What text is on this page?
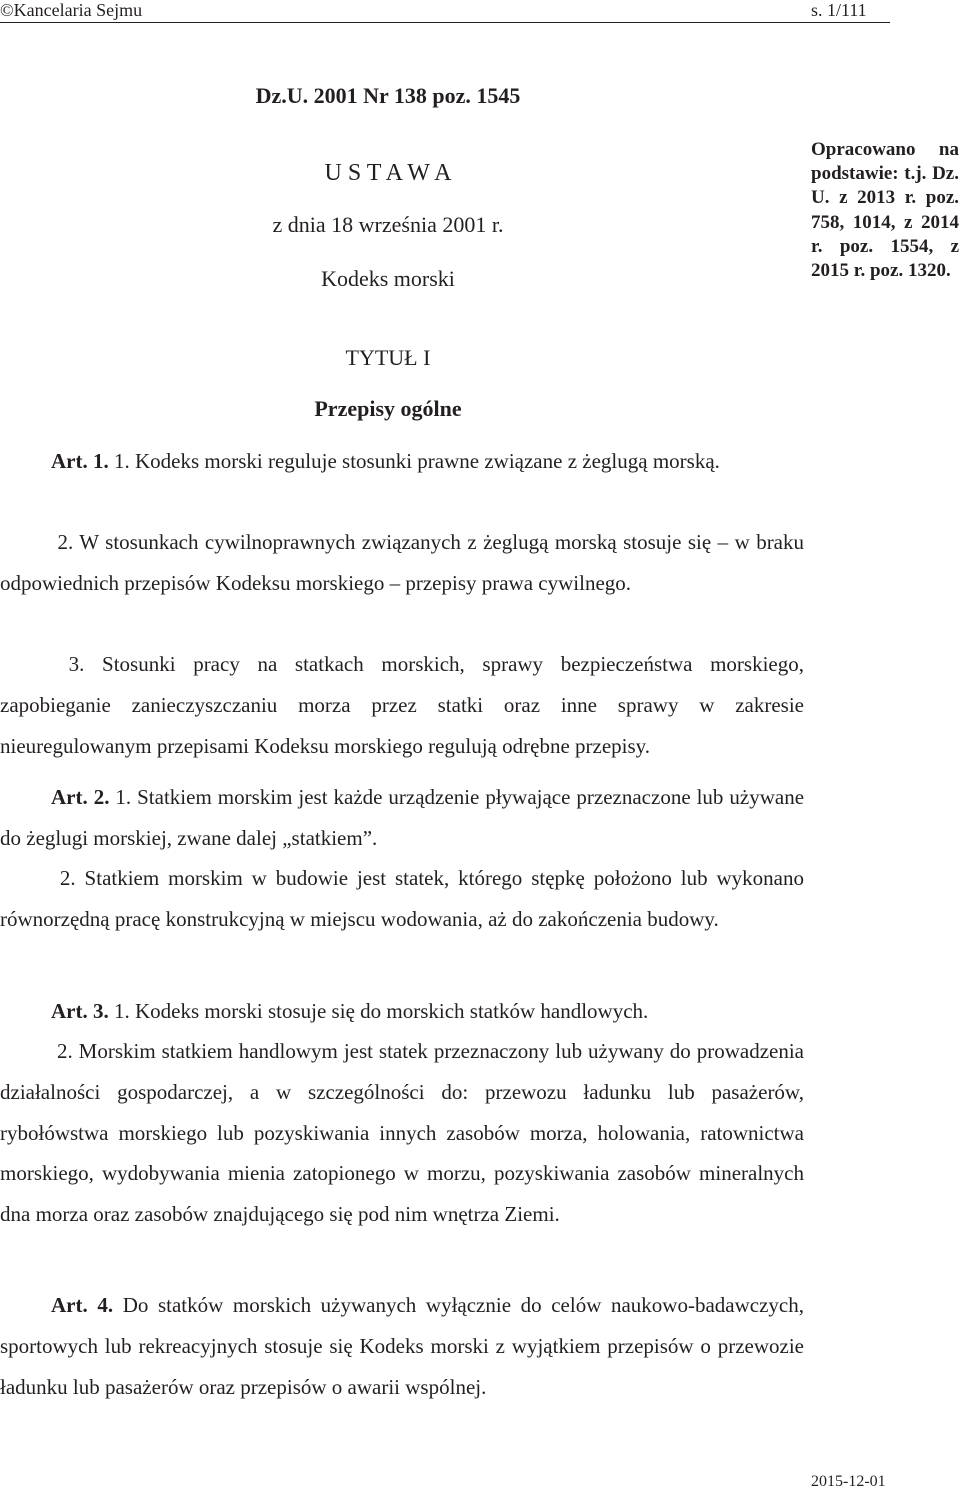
©Kancelaria Sejmu	s. 1/111
Dz.U. 2001 Nr 138 poz. 1545
U S T A W A
z dnia 18 września 2001 r.
Kodeks morski
Opracowano na podstawie: t.j. Dz. U. z 2013 r. poz. 758, 1014, z 2014 r. poz. 1554, z 2015 r. poz. 1320.
TYTUŁ I
Przepisy ogólne

Art. 1. 1. Kodeks morski reguluje stosunki prawne związane z żeglugą morską.

2. W stosunkach cywilnoprawnych związanych z żeglugą morską stosuje się – w braku odpowiednich przepisów Kodeksu morskiego – przepisy prawa cywilnego.

3. Stosunki pracy na statkach morskich, sprawy bezpieczeństwa morskiego, zapobieganie zanieczyszczaniu morza przez statki oraz inne sprawy w zakresie nieuregulowanym przepisami Kodeksu morskiego regulują odrębne przepisy.

Art. 2. 1. Statkiem morskim jest każde urządzenie pływające przeznaczone lub używane do żeglugi morskiej, zwane dalej „statkiem”.

2. Statkiem morskim w budowie jest statek, którego stępkę położono lub wykonano równorzędną pracę konstrukcyjną w miejscu wodowania, aż do zakończenia budowy.

Art. 3. 1. Kodeks morski stosuje się do morskich statków handlowych.

2. Morskim statkiem handlowym jest statek przeznaczony lub używany do prowadzenia działalności gospodarczej, a w szczególności do: przewozu ładunku lub pasażerów, rybołówstwa morskiego lub pozyskiwania innych zasobów morza, holowania, ratownictwa morskiego, wydobywania mienia zatopionego w morzu, pozyskiwania zasobów mineralnych dna morza oraz zasobów znajdującego się pod nim wnętrza Ziemi.

Art. 4. Do statków morskich używanych wyłącznie do celów naukowo-badawczych, sportowych lub rekreacyjnych stosuje się Kodeks morski z wyjątkiem przepisów o przewozie ładunku lub pasażerów oraz przepisów o awarii wspólnej.

2015-12-01
